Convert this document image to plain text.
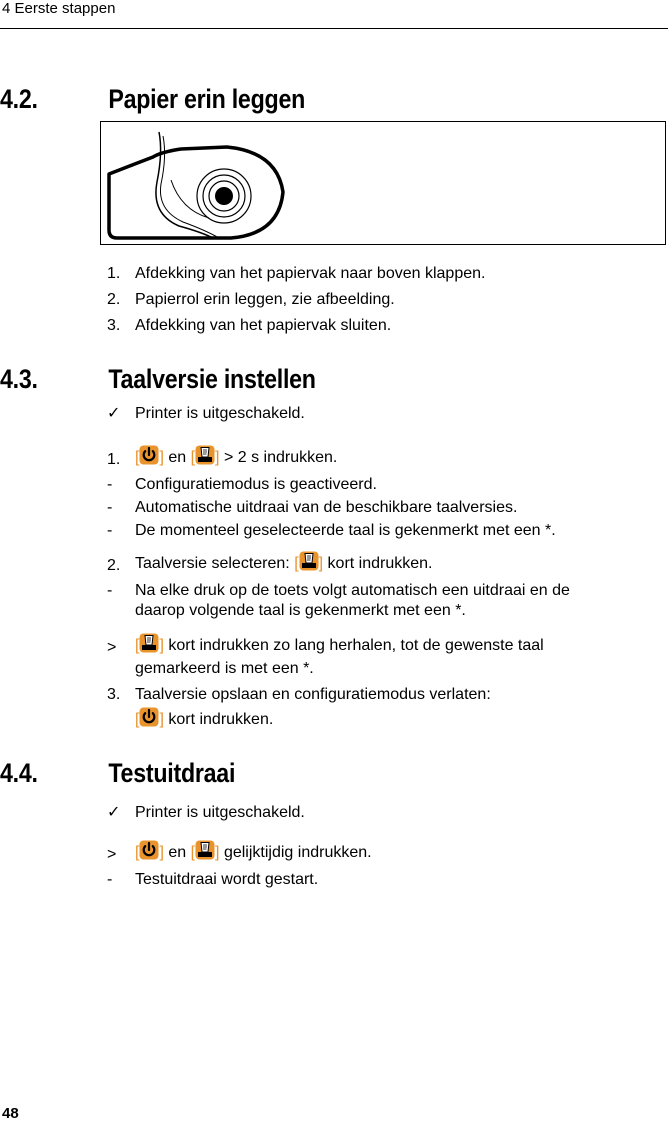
4 Eerste stappen
4.2.	Papier erin leggen
1. Afdekking van het papiervak naar boven klappen.
2. Papierrol erin leggen, zie afbeelding.
3. Afdekking van het papiervak sluiten.
4.3.	Taalversie instellen
✓ Printer is uitgeschakeld.
1. [ ] en [ ] > 2 s indrukken.
- Configuratiemodus is geactiveerd.
- Automatische uitdraai van de beschikbare taalversies.
- De momenteel geselecteerde taal is gekenmerkt met een *.
2. Taalversie selecteren: [ ] kort indrukken.
- Na elke druk op de toets volgt automatisch een uitdraai en de
daarop volgende taal is gekenmerkt met een *.
> [ ] kort indrukken zo lang herhalen, tot de gewenste taal
gemarkeerd is met een *.
3. Taalversie opslaan en configuratiemodus verlaten:
[ ] kort indrukken.
4.4.	Testuitdraai
✓ Printer is uitgeschakeld.
> [ ] en [ ] gelijktijdig indrukken.
- Testuitdraai wordt gestart.
48
